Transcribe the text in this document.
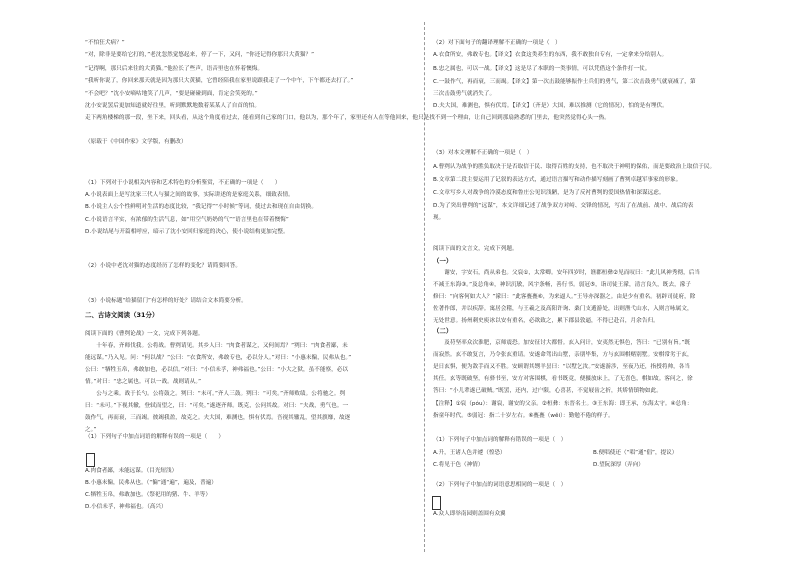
“不怕狂犬病？”
“对，除非是要给它打的，”老沈忽然觉悠起来，停了一下，又问，“你还记得你那只大黄猫？”
“记得啊，那只后来往的大黄猫。”他拉长了些声，语音里也在怀着懊悔。
“我听你说了，你回来那天就是因为那只大黄猫，它曾经陪我在家里说跟我走了一个中午，下午都还去打了。”
“不会吧？”沈小安嘀咕地笑了几声，“要是碰碰到面，肯定会笑死的。”
沈小安说罢后更加知道就好往里，听到默默地数着某某人了自首的怕。
走下两角楼梯的那一段，坐下来，回头看，从这个角度看过去，能看到自己家的门口，他以为，那个年了，家里还有人在等他回来，他只是找不到一个理由，让自己回到那扇熟悉的门里去，他突然觉得心头一热。
（原载于《中国作家》文学版，有删改）
（1）下列对于小说相关内容和艺术特色的分析鉴赏，不正确的一项是（　　）
A.小说表面上是写沈家三代人与猫之间的故事，实际讲述的是家庭关系，细致表情。
B.小说主人公个性鲜明对生活的态度比较，“我记得”“小时候”等词，使过去和现在自由切换。
C.小说语言平实，有浓郁的生活气息，如“用空气奶奶的气”“语言里也在带着懊悔”
D.小说结尾与开篇相呼应，暗示了沈小安回归家庭的决心，使小说结构更加完整。
（2）小说中老沈对猫的态度经历了怎样的变化？请简要回答。
（3）小说标题“给猫留门”有怎样的好处？请结合文本简要分析。
二、古诗文阅读（31分）
阅读下面的《曹刿论战》一文，完成下列各题。
　　十年春，齐师伐我。公将战。曹刿请见。其乡人曰：“肉食者谋之，又何间焉？”刿曰：“肉食者鄙，未
能远谋。”乃入见。问：“何以战？”公曰：“衣食所安，弗敢专也，必以分人。”对曰：“小惠未徧，民弗从也。”
公曰：“牺牲玉帛，弗敢加也，必以信。”对曰：“小信未孚，神弗福也。”公曰：“小大之狱，虽不能察，必以
情。”对曰：“忠之属也。可以一战。战则请从。”
　　公与之乘。战于长勺。公将鼓之。刿曰：“未可。”齐人三鼓。刿曰：“可矣。”齐师败绩。公将驰之。刿
曰：“未可。”下视其辙，登轼而望之，曰：“可矣。”遂逐齐师。既克，公问其故。对曰：“夫战，勇气也。一
鼓作气，再而衰，三而竭。彼竭我盈，故克之。夫大国，难测也，惧有伏焉。吾视其辙乱，望其旗靡，故逐
之。”
（1）下列句子中加点词语的解释有误的一项是（　　）
A.肉食者鄙，未能远谋。（目光短浅）
B.小惠未徧，民弗从也。（“徧”通“遍”，遍及，普遍）
C.牺牲玉帛，弗敢加也。（祭祀用的猪、牛、羊等）
D.小信未孚，神弗福也。（高兴）
（2）对下面句子的翻译理解不正确的一项是（　）
A.衣食所安，弗敢专也。【译文】衣食这类养生的东西，我不敢独自专有，一定拿来分给别人。
B.忠之属也，可以一战。【译文】这是尽了本职的一类事情，可以凭借这个条件打一仗。
C.一鼓作气，再而衰，三而竭。【译文】第一次击鼓能够振作士兵们的勇气，第二次击鼓勇气就衰减了，第
三次击鼓勇气就消失了。
D.夫大国，难测也，惧有伏焉。【译文】（齐是）大国，难以推测（它的情况），怕的是有埋伏。
（3）对本文理解不正确的一项是（　）
A.曹刿认为战争的胜负取决于是否取信于民、取得百姓的支持，也不取决于神明的保佑，而是要政治上取信于民。
B.文章第二段主要运用了记叙的表达方式，通过语言描写和动作描写刻画了曹刿卓越军事家的形象。
C.文章写乡人对战争的冷漠态度和鲁庄公见识浅陋，是为了反衬曹刿的爱国热情和深谋远虑。
D.为了突出曹刿的“远谋”，本文详细记述了战争双方对峙、交锋的情况，写出了在战前、战中、战后的表
现。
阅读下面的文言文，完成下列题。
（一）
　　谢安，字安石，尚从弟也。父裒①，太常卿。安年四岁时，谯郡桓彝②见而叹曰：“此儿风神秀彻，后当
不减王东海③。”及总角④，神识沉敏，风宇条畅，善行书。弱冠⑤，诣司徒王濛，清言良久，既去，濛子
修曰：“向客何如大人？”濛曰：“此客亹亹⑥，为来逼人。”王导亦深器之。由是少有重名。初辟司徒府，除
佐著作郎，并以疾辞。寓居会稽，与王羲之及高阳许询、桑门支遁游处，出则渔弋山水，入则言咏属文，
无处世意。扬州刺史庾冰以安有重名，必欲致之，累下郡县敦逼，不得已赴召，月余告归。
（二）
　　及苻坚率众次淮肥，京师震恐。加安征讨大都督。玄入问计，安夷然无惧色，答曰：“已别有旨。”既
而寂然。玄不敢复言，乃令张玄重请。安遂命驾出山墅，亲朋毕集，方与玄围棋赌别墅。安棋常劣于玄，
是日玄惧，便为敌手而又不胜。安顾谓其甥羊昙曰：“以墅乞汝。”安遂游涉，至夜乃还，指授将帅，各当
其任。玄等既破坚，有驿书至，安方对客围棋，看书既竟，便摄放床上，了无喜色，棋如故。客问之，徐
答曰：“小儿辈遂已破贼。”既罢，还内，过户限，心喜甚，不觉屐齿之折，其矫情镇物如此。
【注释】①裒（póu）：谢裒，谢安的父亲。②桓彝：东晋名士。③王东海：即王承，东海太守。④总角：
指童年时代。⑤弱冠：指二十岁左右。⑥亹亹（wěi）：勤勉不倦的样子。
（1）下列句子中加点词的解释有错误的一项是（　）
（2）下列句子中加点的词语意思相同的一项是（　）
A.升，王诸人色并遽（惶恐）	B.便唱使还（“唱”通“倡”，提议）
C.将见于色（神情）	D.望阮深厚（弄向）
A.众人即举南园则盖围有众翼
